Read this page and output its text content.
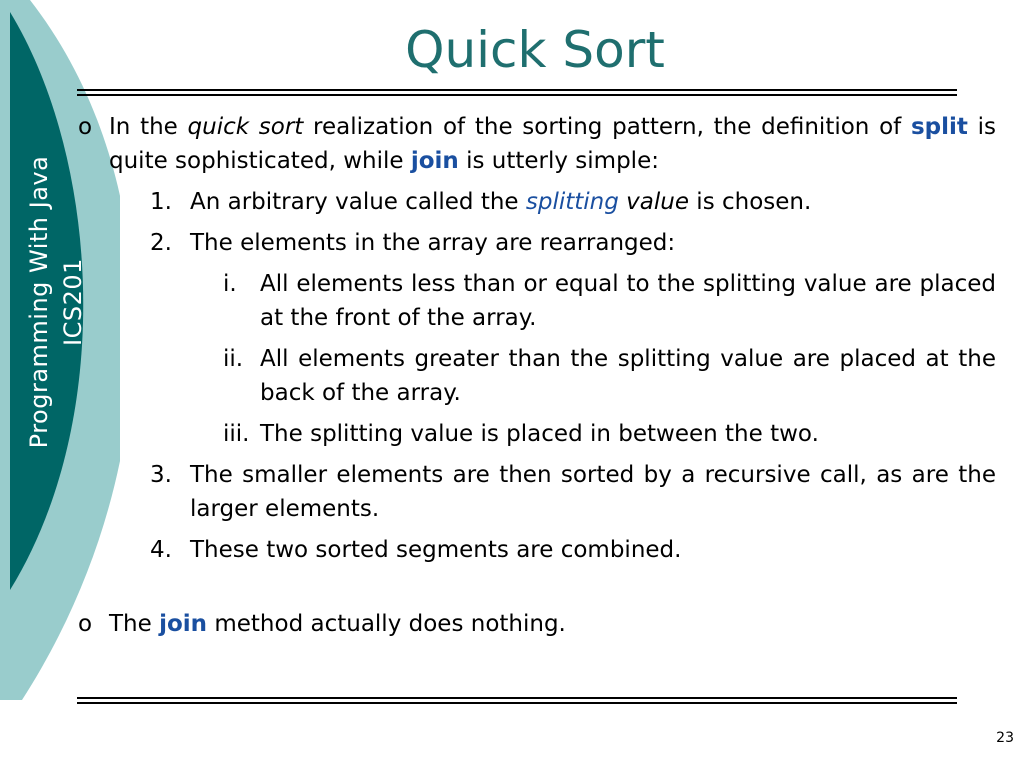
Programming With Java ICS201
Quick Sort
o In the quick sort realization of the sorting pattern, the definition of split is quite sophisticated, while join is utterly simple:
1. An arbitrary value called the splitting value is chosen.
2. The elements in the array are rearranged:
i. All elements less than or equal to the splitting value are placed at the front of the array.
ii. All elements greater than the splitting value are placed at the back of the array.
iii. The splitting value is placed in between the two.
3. The smaller elements are then sorted by a recursive call, as are the larger elements.
4. These two sorted segments are combined.
o The join method actually does nothing.
23
